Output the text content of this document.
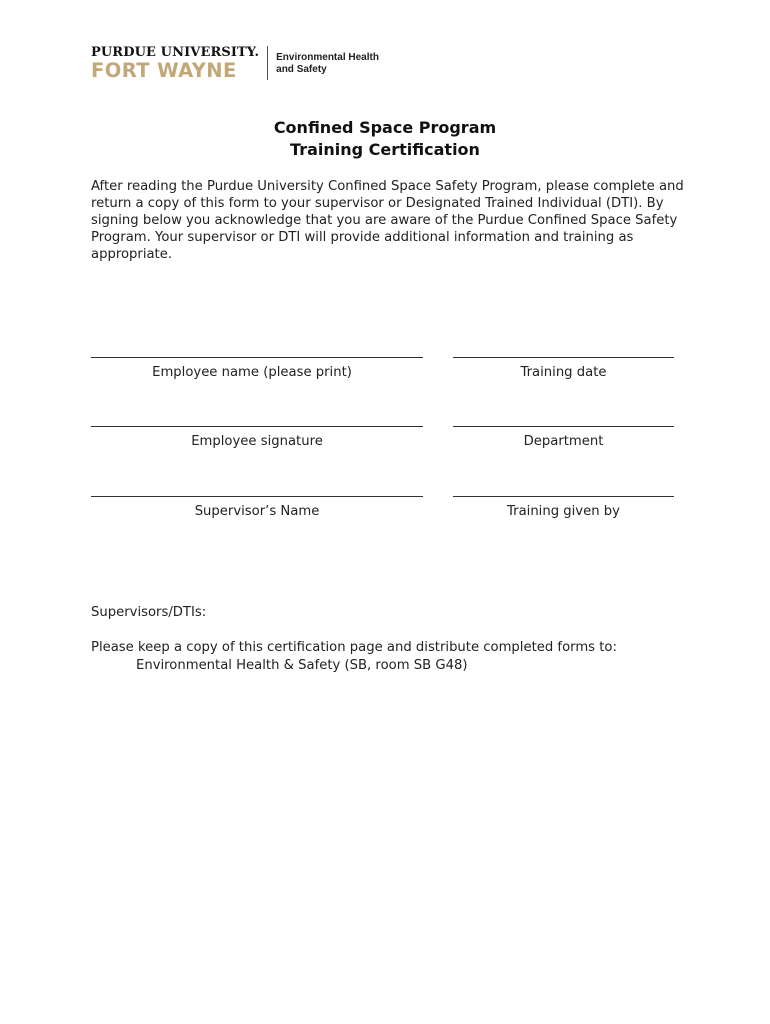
PURDUE UNIVERSITY.
FORT WAYNE
Environmental Health
and Safety
Confined Space Program
Training Certification

After reading the Purdue University Confined Space Safety Program, please complete and return a copy of this form to your supervisor or Designated Trained Individual (DTI). By signing below you acknowledge that you are aware of the Purdue Confined Space Safety Program. Your supervisor or DTI will provide additional information and training as appropriate.

Employee name (please print)	Training date
Employee signature	Department
Supervisor’s Name	Training given by
Supervisors/DTIs:
Please keep a copy of this certification page and distribute completed forms to:
Environmental Health & Safety (SB, room SB G48)
